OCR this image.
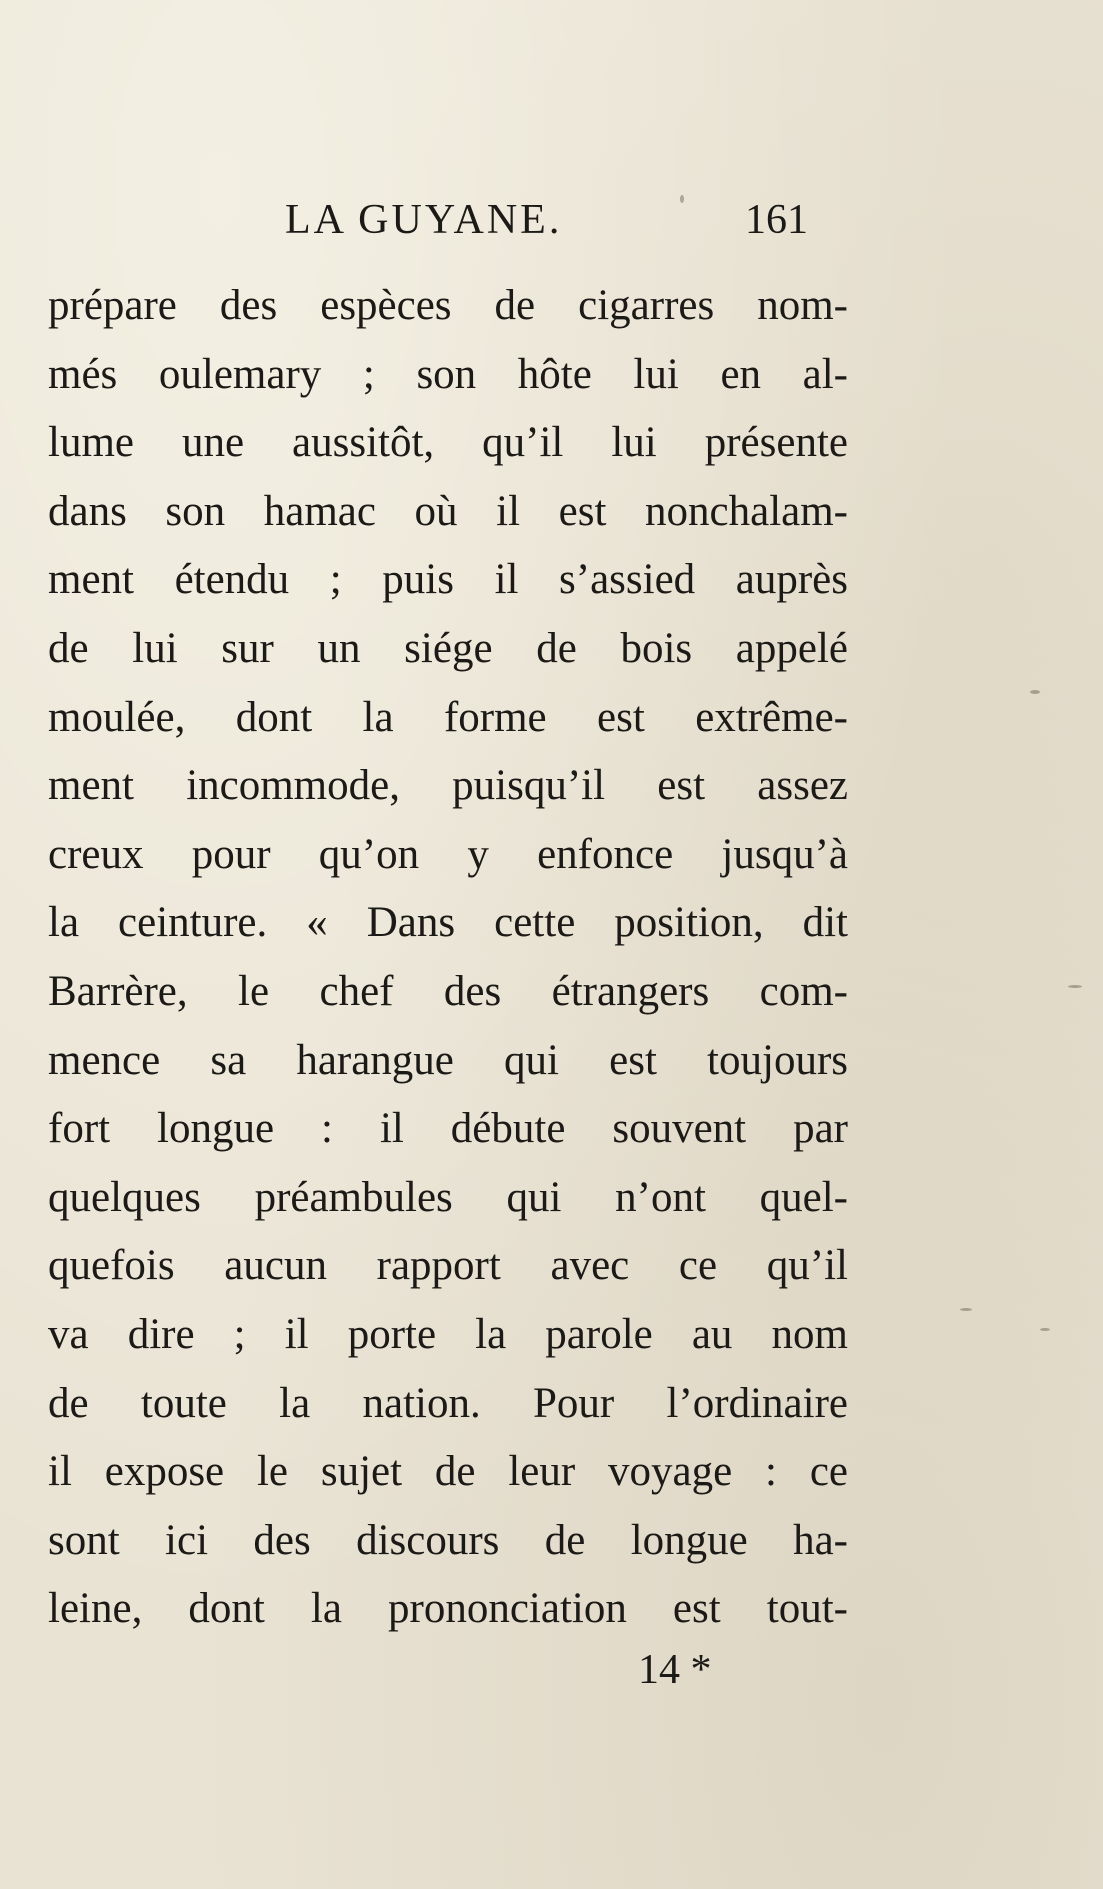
LA GUYANE.	161
prépare des espèces de cigarres nom-
més oulemary ; son hôte lui en al-
lume une aussitôt, qu’il lui présente
dans son hamac où il est nonchalam-
ment étendu ; puis il s’assied auprès
de lui sur un siége de bois appelé
moulée, dont la forme est extrême-
ment incommode, puisqu’il est assez
creux pour qu’on y enfonce jusqu’à
la ceinture. « Dans cette position, dit
Barrère, le chef des étrangers com-
mence sa harangue qui est toujours
fort longue : il débute souvent par
quelques préambules qui n’ont quel-
quefois aucun rapport avec ce qu’il
va dire ; il porte la parole au nom
de toute la nation. Pour l’ordinaire
il expose le sujet de leur voyage : ce
sont ici des discours de longue ha-
leine, dont la prononciation est tout-
14 *
